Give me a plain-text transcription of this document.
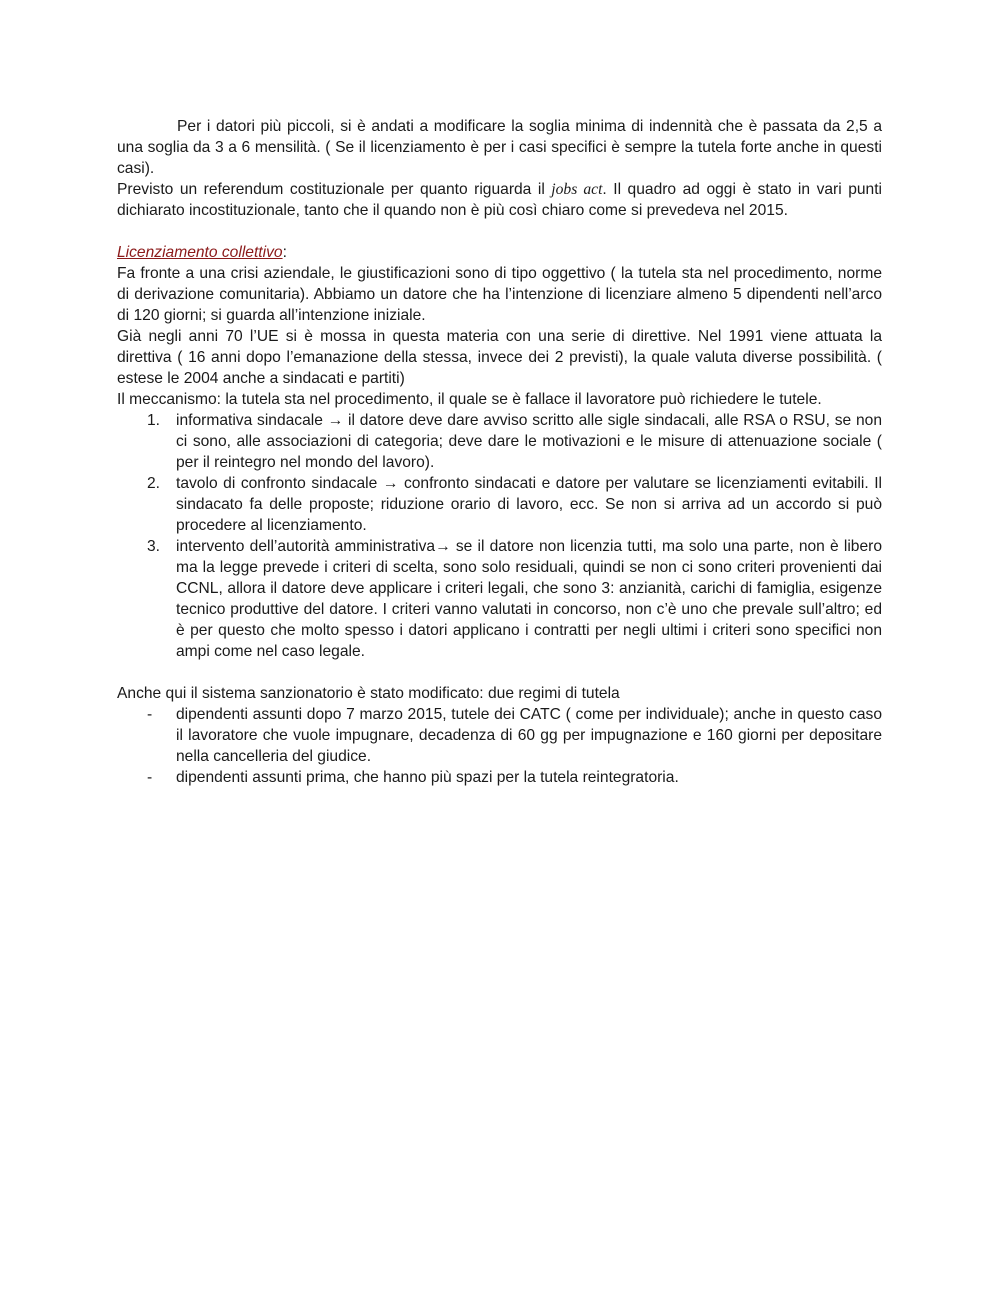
Per i datori più piccoli, si è andati a modificare la soglia minima di indennità che è passata da 2,5 a una soglia da 3 a 6 mensilità. ( Se il licenziamento è per i casi specifici è sempre la tutela forte anche in questi casi).

Previsto un referendum costituzionale per quanto riguarda il jobs act. Il quadro ad oggi è stato in vari punti dichiarato incostituzionale, tanto che il quando non è più così chiaro come si prevedeva nel 2015.

Licenziamento collettivo:

Fa fronte a una crisi aziendale, le giustificazioni sono di tipo oggettivo ( la tutela sta nel procedimento, norme di derivazione comunitaria). Abbiamo un datore che ha l’intenzione di licenziare almeno 5 dipendenti nell’arco di 120 giorni; si guarda all’intenzione iniziale.

Già negli anni 70 l’UE si è mossa in questa materia con una serie di direttive. Nel 1991 viene attuata la direttiva ( 16 anni dopo l’emanazione della stessa, invece dei 2 previsti), la quale valuta diverse possibilità. ( estese le 2004 anche a sindacati e partiti)

Il meccanismo: la tutela sta nel procedimento, il quale se è fallace il lavoratore può richiedere le tutele.

1. informativa sindacale → il datore deve dare avviso scritto alle sigle sindacali, alle RSA o RSU, se non ci sono, alle associazioni di categoria; deve dare le motivazioni e le misure di attenuazione sociale ( per il reintegro nel mondo del lavoro).
2. tavolo di confronto sindacale → confronto sindacati e datore per valutare se licenziamenti evitabili. Il sindacato fa delle proposte; riduzione orario di lavoro, ecc. Se non si arriva ad un accordo si può procedere al licenziamento.
3. intervento dell’autorità amministrativa→ se il datore non licenzia tutti, ma solo una parte, non è libero ma la legge prevede i criteri di scelta, sono solo residuali, quindi se non ci sono criteri provenienti dai CCNL, allora il datore deve applicare i criteri legali, che sono 3: anzianità, carichi di famiglia, esigenze tecnico produttive del datore. I criteri vanno valutati in concorso, non c’è uno che prevale sull’altro; ed è per questo che molto spesso i datori applicano i contratti per negli ultimi i criteri sono specifici non ampi come nel caso legale.

Anche qui il sistema sanzionatorio è stato modificato: due regimi di tutela

- dipendenti assunti dopo 7 marzo 2015, tutele dei CATC ( come per individuale); anche in questo caso il lavoratore che vuole impugnare, decadenza di 60 gg per impugnazione e 160 giorni per depositare nella cancelleria del giudice.
- dipendenti assunti prima, che hanno più spazi per la tutela reintegratoria.
